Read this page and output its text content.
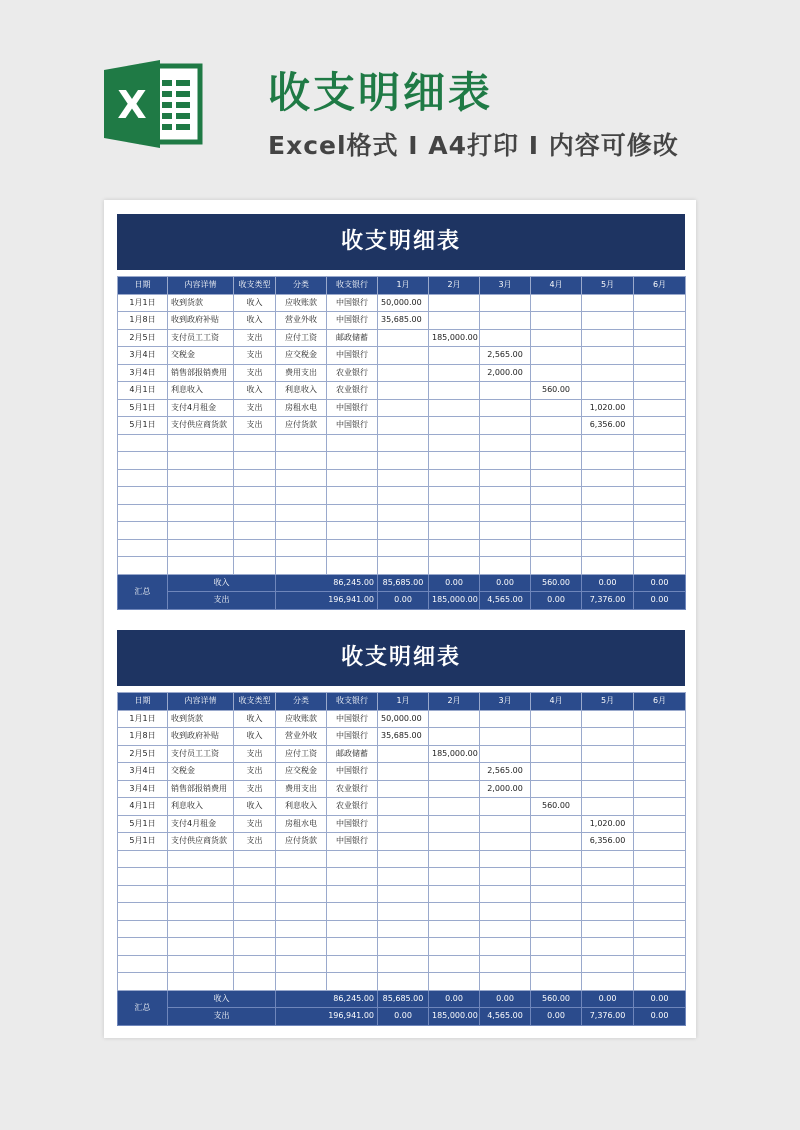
X	收支明细表
Excel格式 I A4打印 I 内容可修改
收支明细表
日期	内容详情	收支类型	分类	收支银行	1月	2月	3月	4月	5月	6月
1月1日	收到货款	收入	应收账款	中国银行	50,000.00					
1月8日	收到政府补贴	收入	营业外收	中国银行	35,685.00					
2月5日	支付员工工资	支出	应付工资	邮政储蓄		185,000.00				
3月4日	交税金	支出	应交税金	中国银行			2,565.00			
3月4日	销售部报销费用	支出	费用支出	农业银行			2,000.00			
4月1日	利息收入	收入	利息收入	农业银行				560.00		
5月1日	支付4月租金	支出	房租水电	中国银行					1,020.00	
5月1日	支付供应商货款	支出	应付货款	中国银行					6,356.00	

汇总	收入		86,245.00		85,685.00	0.00	0.00	560.00	0.00	0.00
	支出		196,941.00		0.00	185,000.00	4,565.00	0.00	7,376.00	0.00
收支明细表
日期	内容详情	收支类型	分类	收支银行	1月	2月	3月	4月	5月	6月
1月1日	收到货款	收入	应收账款	中国银行	50,000.00					
1月8日	收到政府补贴	收入	营业外收	中国银行	35,685.00					
2月5日	支付员工工资	支出	应付工资	邮政储蓄		185,000.00				
3月4日	交税金	支出	应交税金	中国银行			2,565.00			
3月4日	销售部报销费用	支出	费用支出	农业银行			2,000.00			
4月1日	利息收入	收入	利息收入	农业银行				560.00		
5月1日	支付4月租金	支出	房租水电	中国银行					1,020.00	
5月1日	支付供应商货款	支出	应付货款	中国银行					6,356.00	

汇总	收入		86,245.00		85,685.00	0.00	0.00	560.00	0.00	0.00
	支出		196,941.00		0.00	185,000.00	4,565.00	0.00	7,376.00	0.00
